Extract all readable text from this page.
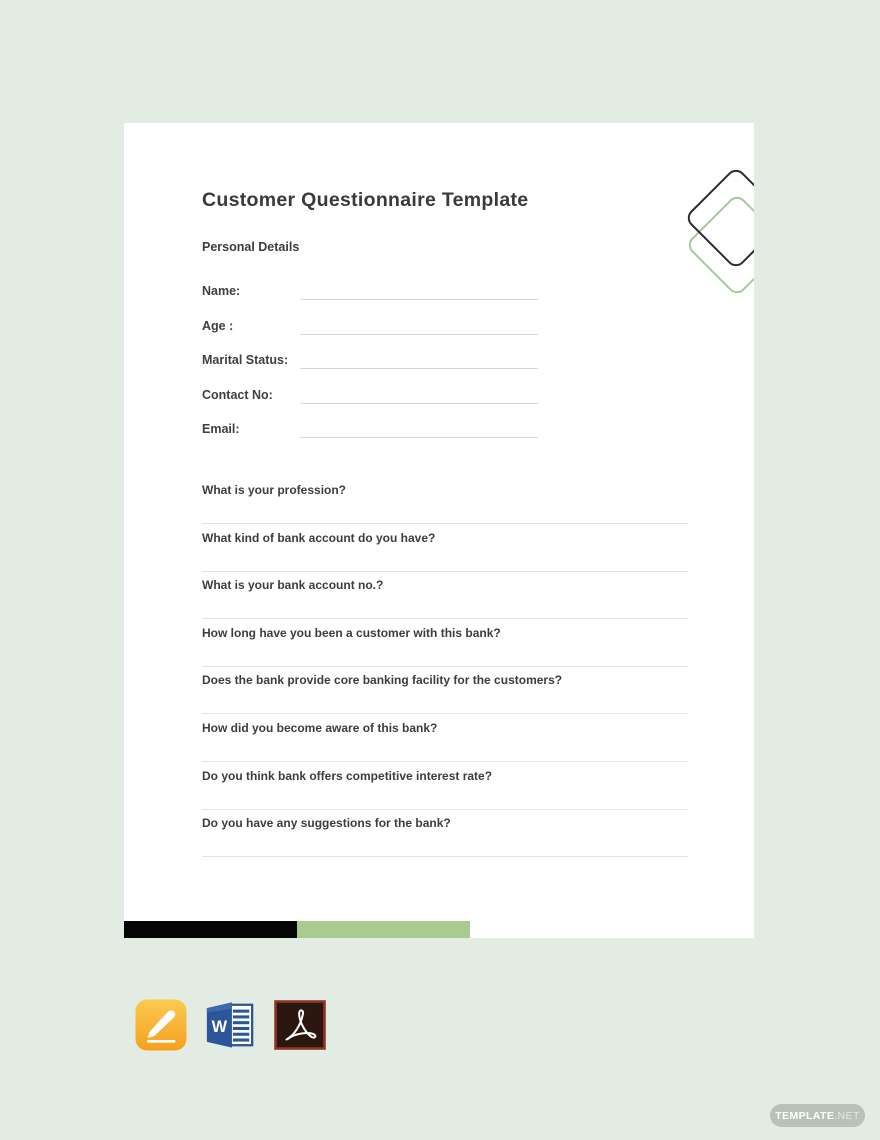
Customer Questionnaire Template
Personal Details
Name:
Age :
Marital Status:
Contact No:
Email:
What is your profession?
What kind of bank account do you have?
What is your bank account no.?
How long have you been a customer with this bank?
Does the bank provide core banking facility for the customers?
How did you become aware of this bank?
Do you think bank offers competitive interest rate?
Do you have any suggestions for the bank?
W
TEMPLATE .NET
